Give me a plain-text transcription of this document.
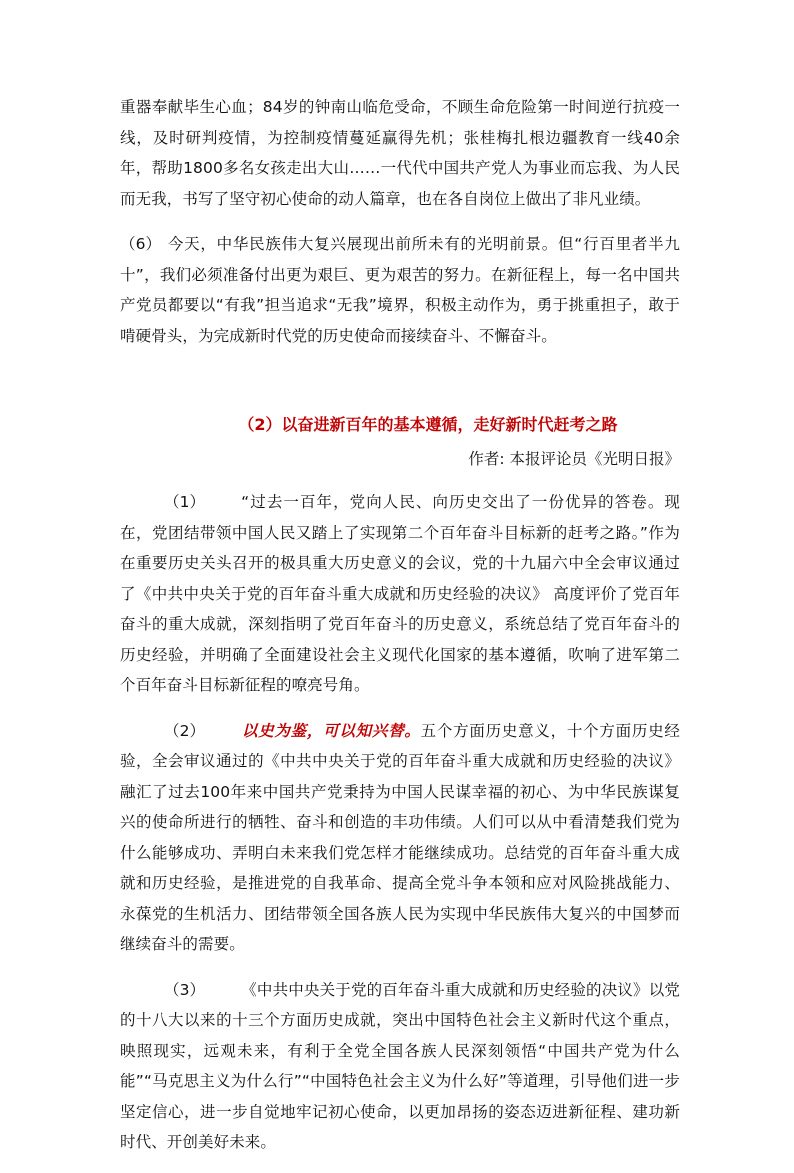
重器奉献毕生心血；84岁的钟南山临危受命，不顾生命危险第一时间逆行抗疫一线，及时研判疫情，为控制疫情蔓延赢得先机；张桂梅扎根边疆教育一线40余年，帮助1800多名女孩走出大山……一代代中国共产党人为事业而忘我、为人民而无我，书写了坚守初心使命的动人篇章，也在各自岗位上做出了非凡业绩。

（6） 今天，中华民族伟大复兴展现出前所未有的光明前景。但“行百里者半九十”，我们必须准备付出更为艰巨、更为艰苦的努力。在新征程上，每一名中国共产党员都要以“有我”担当追求“无我”境界，积极主动作为，勇于挑重担子，敢于啃硬骨头，为完成新时代党的历史使命而接续奋斗、不懈奋斗。

（2）以奋进新百年的基本遵循，走好新时代赶考之路
作者: 本报评论员《光明日报》

（1） “过去一百年，党向人民、向历史交出了一份优异的答卷。现在，党团结带领中国人民又踏上了实现第二个百年奋斗目标新的赶考之路。”作为在重要历史关头召开的极具重大历史意义的会议，党的十九届六中全会审议通过了《中共中央关于党的百年奋斗重大成就和历史经验的决议》 高度评价了党百年奋斗的重大成就，深刻指明了党百年奋斗的历史意义，系统总结了党百年奋斗的历史经验，并明确了全面建设社会主义现代化国家的基本遵循，吹响了进军第二个百年奋斗目标新征程的嘹亮号角。

（2） 以史为鉴，可以知兴替。五个方面历史意义，十个方面历史经验，全会审议通过的《中共中央关于党的百年奋斗重大成就和历史经验的决议》融汇了过去100年来中国共产党秉持为中国人民谋幸福的初心、为中华民族谋复兴的使命所进行的牺牲、奋斗和创造的丰功伟绩。人们可以从中看清楚我们党为什么能够成功、弄明白未来我们党怎样才能继续成功。总结党的百年奋斗重大成就和历史经验，是推进党的自我革命、提高全党斗争本领和应对风险挑战能力、永葆党的生机活力、团结带领全国各族人民为实现中华民族伟大复兴的中国梦而继续奋斗的需要。

（3） 《中共中央关于党的百年奋斗重大成就和历史经验的决议》以党的十八大以来的十三个方面历史成就，突出中国特色社会主义新时代这个重点，映照现实，远观未来，有利于全党全国各族人民深刻领悟“中国共产党为什么能”“马克思主义为什么行”“中国特色社会主义为什么好”等道理，引导他们进一步坚定信心，进一步自觉地牢记初心使命，以更加昂扬的姿态迈进新征程、建功新时代、开创美好未来。
